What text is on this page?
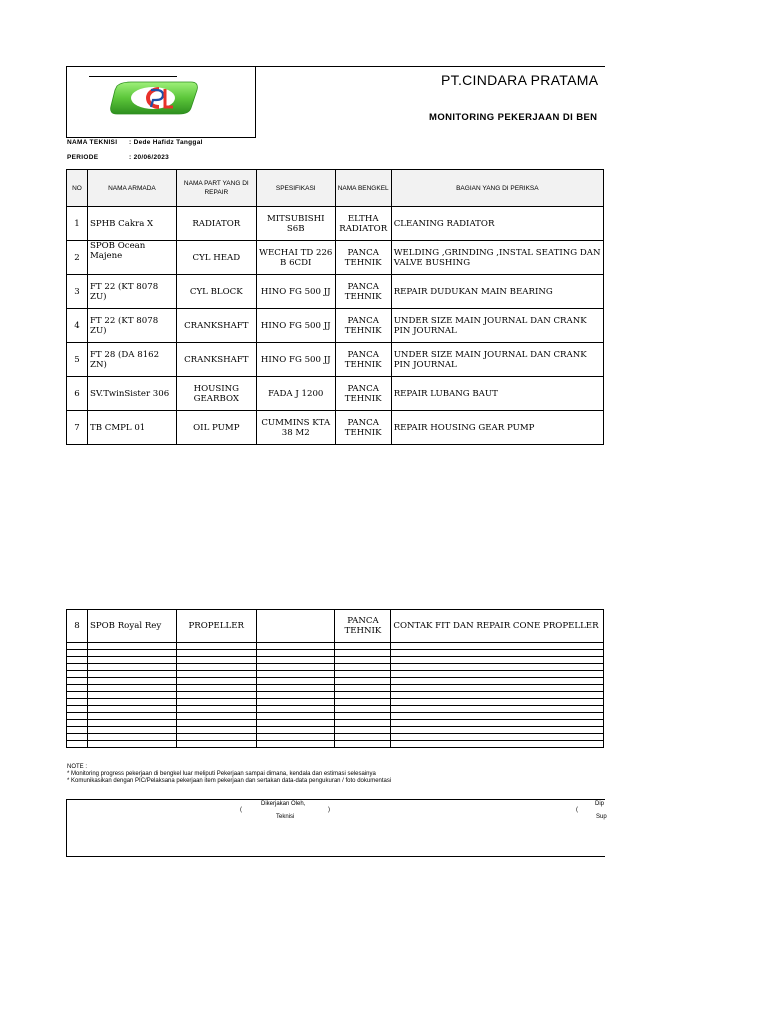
PT.CINDARA PRATAMA
MONITORING PEKERJAAN DI BEN
NAMA TEKNISI : Dede Hafidz Tanggal
PERIODE	: 20/06/2023
NO	NAMA ARMADA	NAMA PART YANG DI REPAIR	SPESIFIKASI	NAMA BENGKEL	BAGIAN YANG DI PERIKSA
1	SPHB Cakra X	RADIATOR	MITSUBISHI S6B	ELTHA RADIATOR	CLEANING RADIATOR
2	SPOB Ocean Majene	CYL HEAD	WECHAI TD 226 B 6CDI	PANCA TEHNIK	WELDING ,GRINDING ,INSTAL SEATING DAN VALVE BUSHING
3	FT 22 (KT 8078 ZU)	CYL BLOCK	HINO FG 500 JJ	PANCA TEHNIK	REPAIR DUDUKAN MAIN BEARING
4	FT 22 (KT 8078 ZU)	CRANKSHAFT	HINO FG 500 JJ	PANCA TEHNIK	UNDER SIZE MAIN JOURNAL DAN CRANK PIN JOURNAL
5	FT 28 (DA 8162 ZN)	CRANKSHAFT	HINO FG 500 JJ	PANCA TEHNIK	UNDER SIZE MAIN JOURNAL DAN CRANK PIN JOURNAL
6	SV.TwinSister 306	HOUSING GEARBOX	FADA J 1200	PANCA TEHNIK	REPAIR LUBANG BAUT
7	TB CMPL 01	OIL PUMP	CUMMINS KTA 38 M2	PANCA TEHNIK	REPAIR HOUSING GEAR PUMP
8	SPOB Royal Rey	PROPELLER		PANCA TEHNIK	CONTAK FIT DAN REPAIR CONE PROPELLER

NOTE :
* Monitoring progress pekerjaan di bengkel luar meliputi Pekerjaan sampai dimana, kendala dan estimasi selesainya
* Komunikasikan dengan PIC/Pelaksana pekerjaan item pekerjaan dan sertakan data-data pengukuran / foto dokumentasi
Dikerjakan Oleh,
(	)
Teknisi
(
Dip
Sup
